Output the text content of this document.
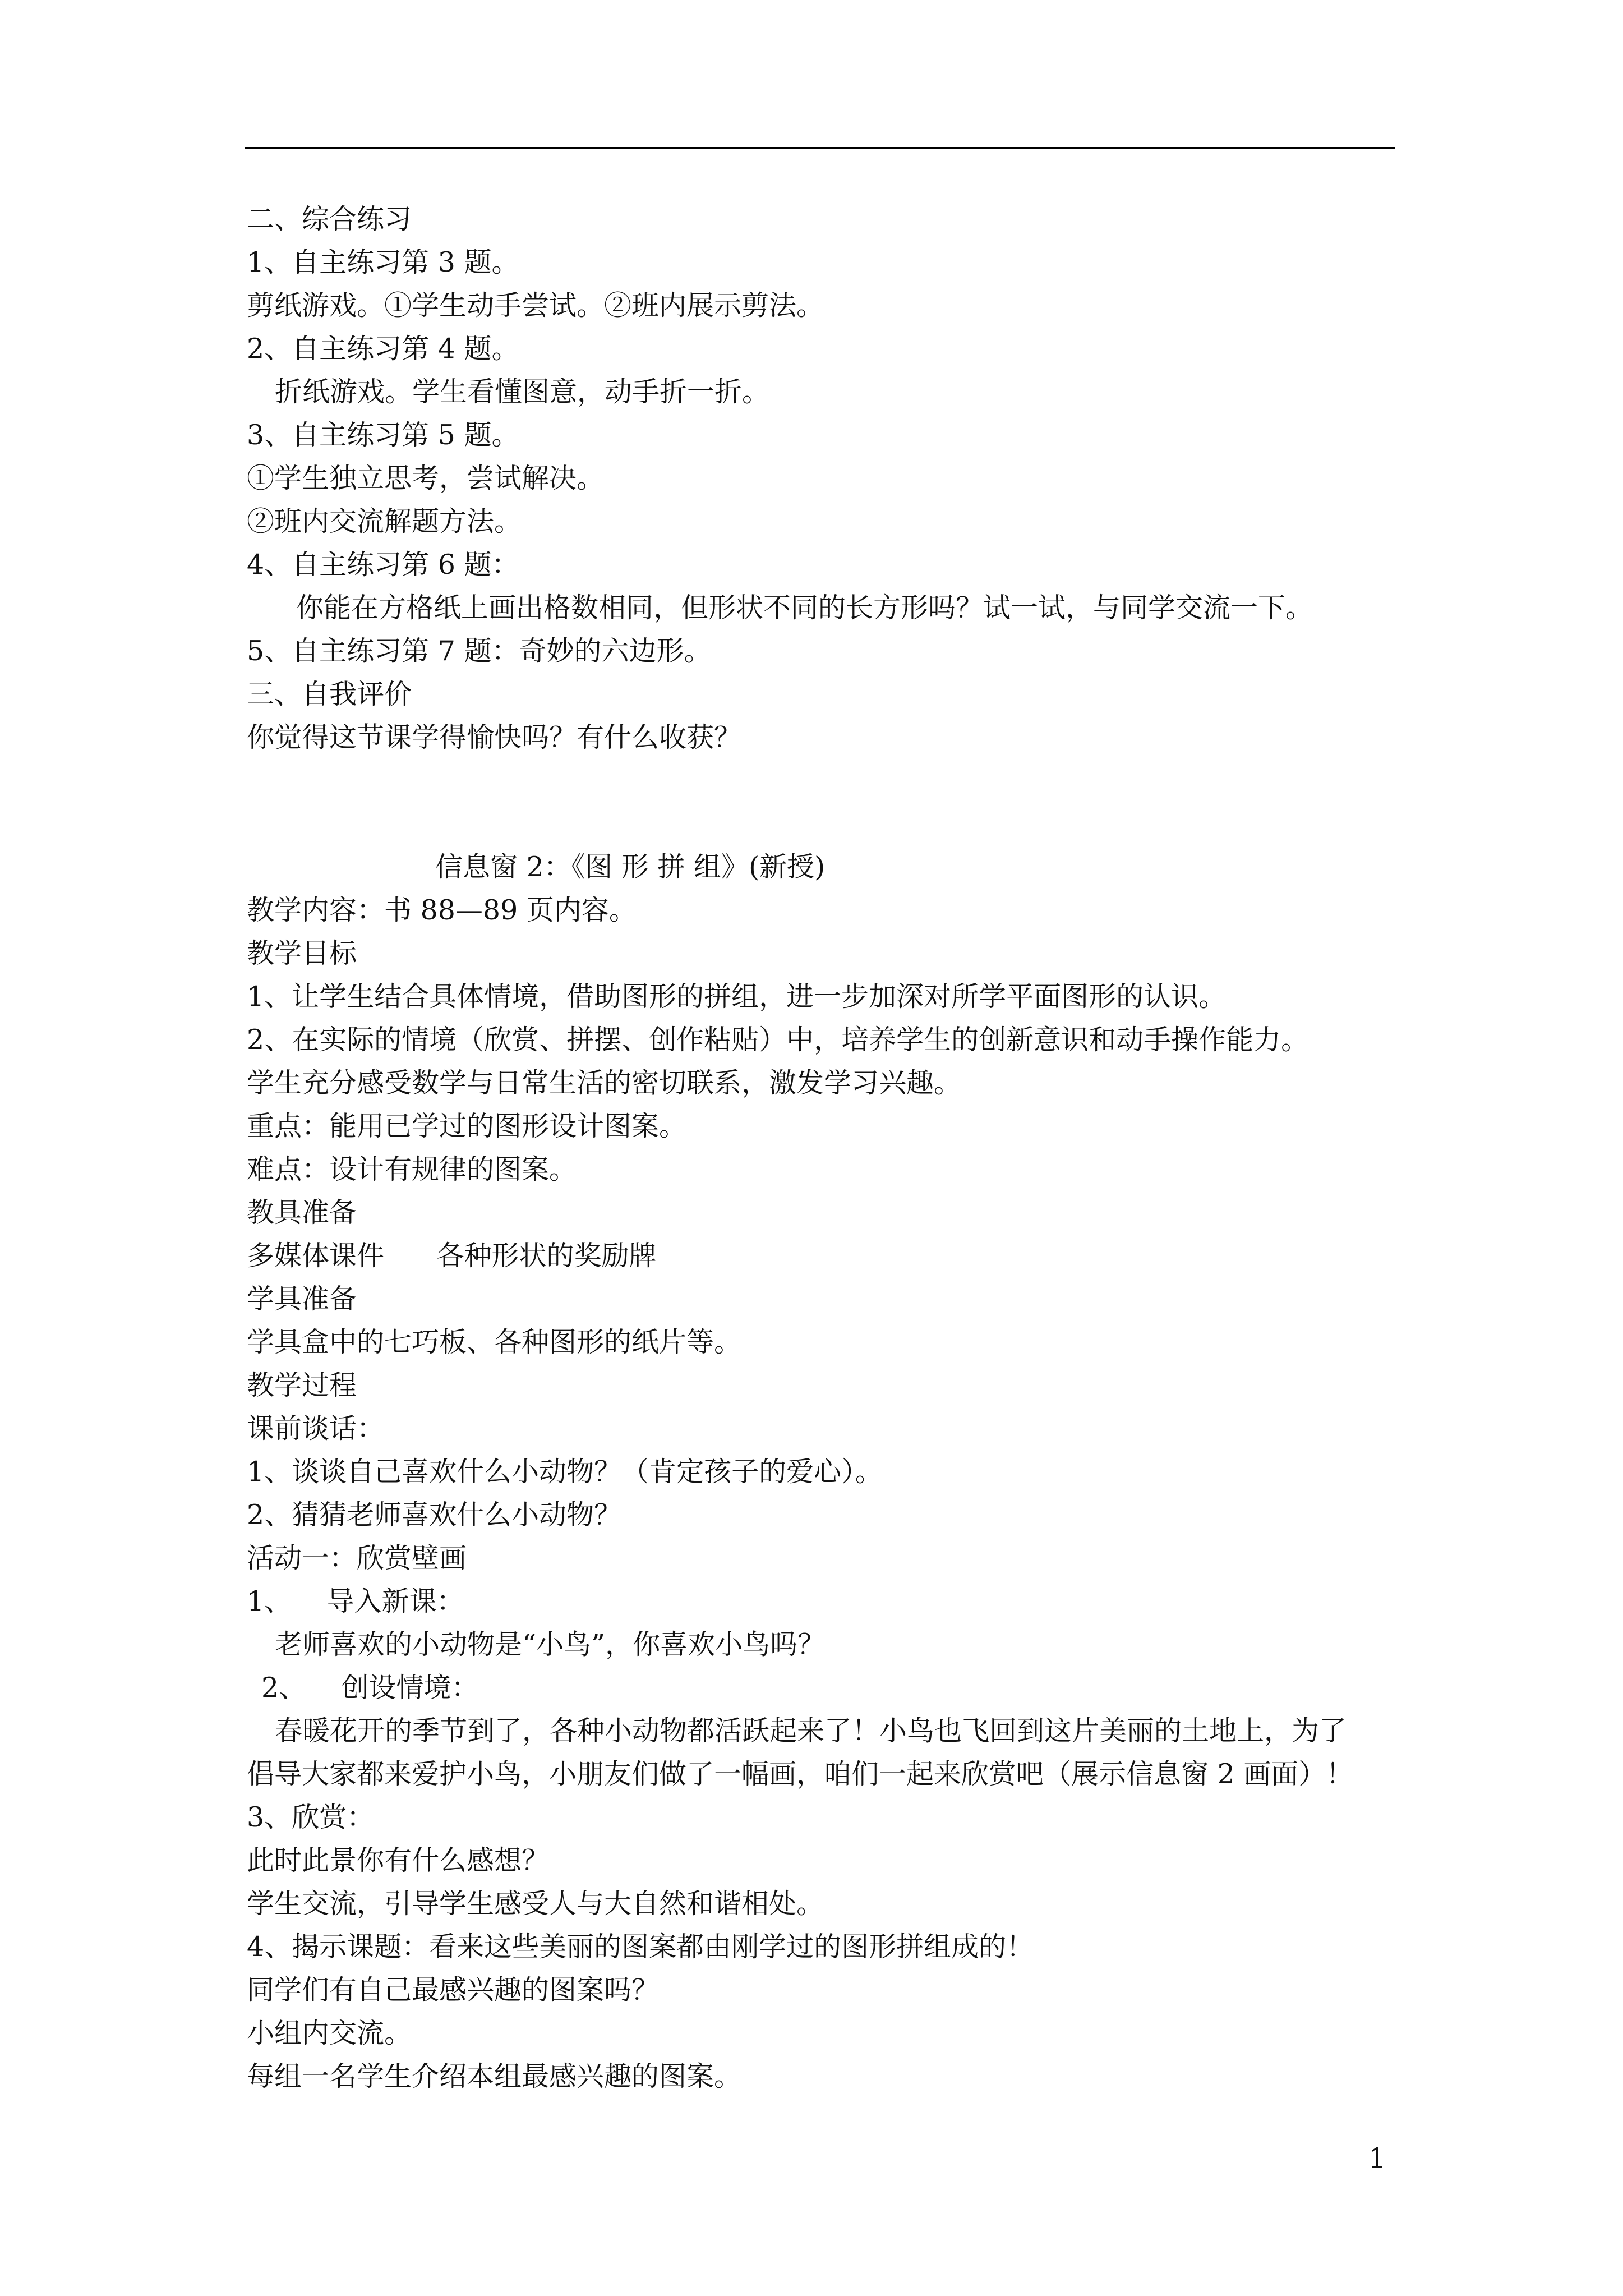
二、综合练习
1、自主练习第 3 题。
剪纸游戏。①学生动手尝试。②班内展示剪法。
2、自主练习第 4 题。
折纸游戏。学生看懂图意，动手折一折。
3、自主练习第 5 题。
①学生独立思考，尝试解决。
②班内交流解题方法。
4、自主练习第 6 题：
你能在方格纸上画出格数相同，但形状不同的长方形吗？试一试，与同学交流一下。
5、自主练习第 7 题：奇妙的六边形。
三、自我评价
你觉得这节课学得愉快吗？有什么收获？
信息窗 2：《图 形 拼 组》(新授)
教学内容：书 88—89 页内容。
教学目标
1、让学生结合具体情境，借助图形的拼组，进一步加深对所学平面图形的认识。
2、在实际的情境（欣赏、拼摆、创作粘贴）中，培养学生的创新意识和动手操作能力。
学生充分感受数学与日常生活的密切联系，激发学习兴趣。
重点：能用已学过的图形设计图案。
难点：设计有规律的图案。
教具准备
多媒体课件      各种形状的奖励牌
学具准备
学具盒中的七巧板、各种图形的纸片等。
教学过程
课前谈话：
1、谈谈自己喜欢什么小动物？（肯定孩子的爱心）。
2、猜猜老师喜欢什么小动物？
活动一：欣赏壁画
1、    导入新课：
老师喜欢的小动物是“小鸟”，你喜欢小鸟吗？
2、    创设情境：
春暖花开的季节到了，各种小动物都活跃起来了！小鸟也飞回到这片美丽的土地上，为了
倡导大家都来爱护小鸟，小朋友们做了一幅画，咱们一起来欣赏吧（展示信息窗 2 画面）！
3、欣赏：
此时此景你有什么感想？
学生交流，引导学生感受人与大自然和谐相处。
4、揭示课题：看来这些美丽的图案都由刚学过的图形拼组成的！
同学们有自己最感兴趣的图案吗？
小组内交流。
每组一名学生介绍本组最感兴趣的图案。
1
